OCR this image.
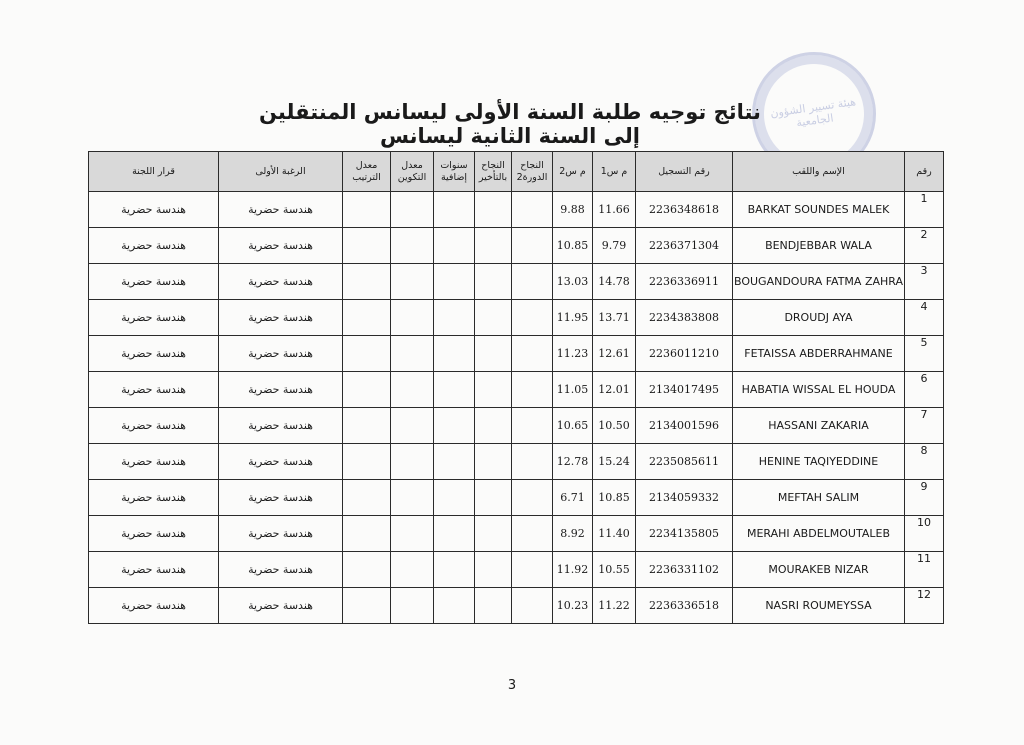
هيئة تسيير الشؤون الجامعية
نتائج توجيه طلبة السنة الأولى ليسانس المنتقلين إلى السنة الثانية ليسانس
رقم	الإسم واللقب	رقم التسجيل	م س1	م س2	النجاح الدورة2	النجاح بالتأخير	سنوات إضافية	معدل التكوين	معدل الترتيب	الرغبة الأولى	قرار اللجنة
1	BARKAT SOUNDES MALEK	2236348618	11.66	9.88						هندسة حضرية	هندسة حضرية
2	BENDJEBBAR WALA	2236371304	9.79	10.85						هندسة حضرية	هندسة حضرية
3	BOUGANDOURA FATMA ZAHRA	2236336911	14.78	13.03						هندسة حضرية	هندسة حضرية
4	DROUDJ AYA	2234383808	13.71	11.95						هندسة حضرية	هندسة حضرية
5	FETAISSA ABDERRAHMANE	2236011210	12.61	11.23						هندسة حضرية	هندسة حضرية
6	HABATIA WISSAL EL HOUDA	2134017495	12.01	11.05						هندسة حضرية	هندسة حضرية
7	HASSANI ZAKARIA	2134001596	10.50	10.65						هندسة حضرية	هندسة حضرية
8	HENINE TAQIYEDDINE	2235085611	15.24	12.78						هندسة حضرية	هندسة حضرية
9	MEFTAH SALIM	2134059332	10.85	6.71						هندسة حضرية	هندسة حضرية
10	MERAHI ABDELMOUTALEB	2234135805	11.40	8.92						هندسة حضرية	هندسة حضرية
11	MOURAKEB NIZAR	2236331102	10.55	11.92						هندسة حضرية	هندسة حضرية
12	NASRI ROUMEYSSA	2236336518	11.22	10.23						هندسة حضرية	هندسة حضرية
3
